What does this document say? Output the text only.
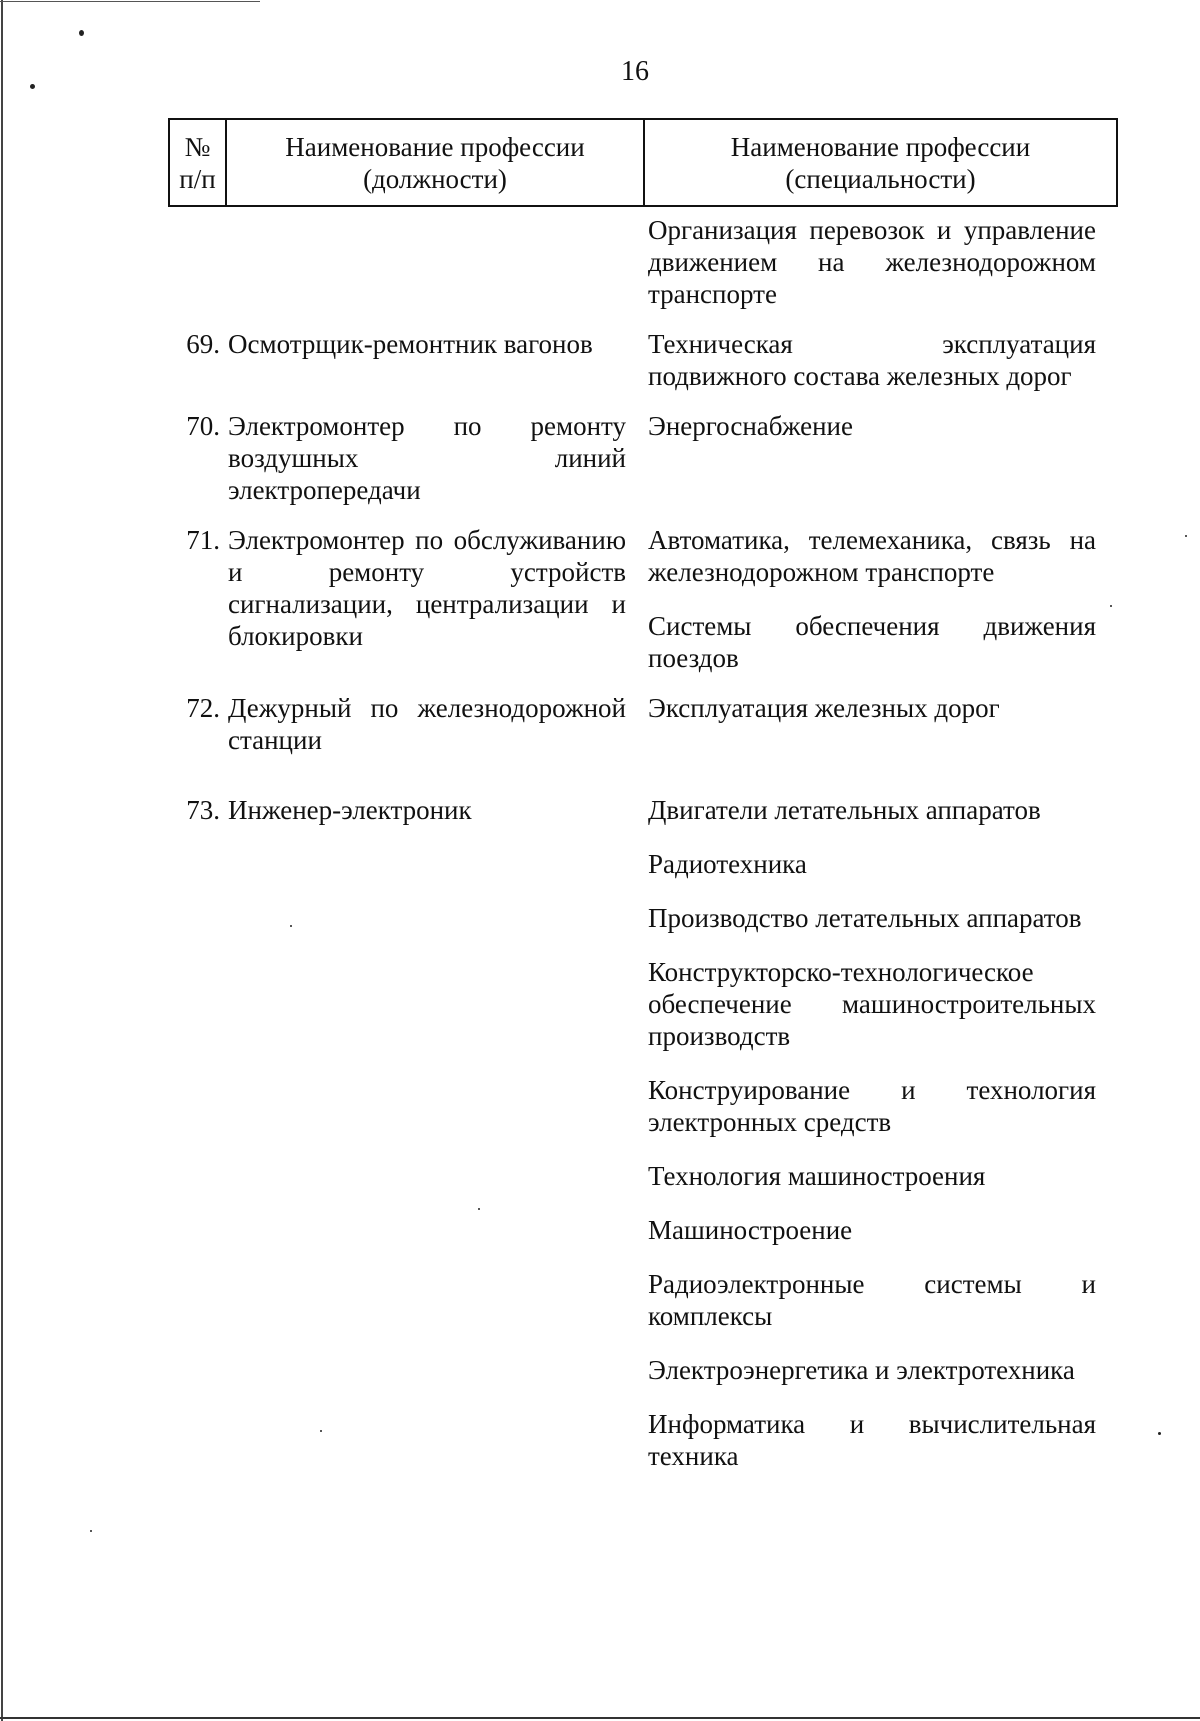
16
№
п/п
Наименование профессии
(должности)
Наименование профессии
(специальности)
Организация перевозок и управление движением на железнодорожном транспорте
69. Осмотрщик-ремонтник вагонов	Техническая эксплуатация подвижного состава железных дорог
70. Электромонтер по ремонту воздушных линий электропередачи
Энергоснабжение
71. Электромонтер по обслуживанию и ремонту устройств сигнализации, централизации и блокировки
Автоматика, телемеханика, связь на железнодорожном транспорте
Системы обеспечения движения поездов
72. Дежурный по железнодорожной станции
Эксплуатация железных дорог
73. Инженер-электроник	Двигатели летательных аппаратов
Радиотехника
Производство летательных аппаратов
Конструкторско-технологическое обеспечение машиностроительных производств
Конструирование и технология электронных средств
Технология машиностроения
Машиностроение
Радиоэлектронные системы и комплексы
Электроэнергетика и электротехника
Информатика и вычислительная техника
